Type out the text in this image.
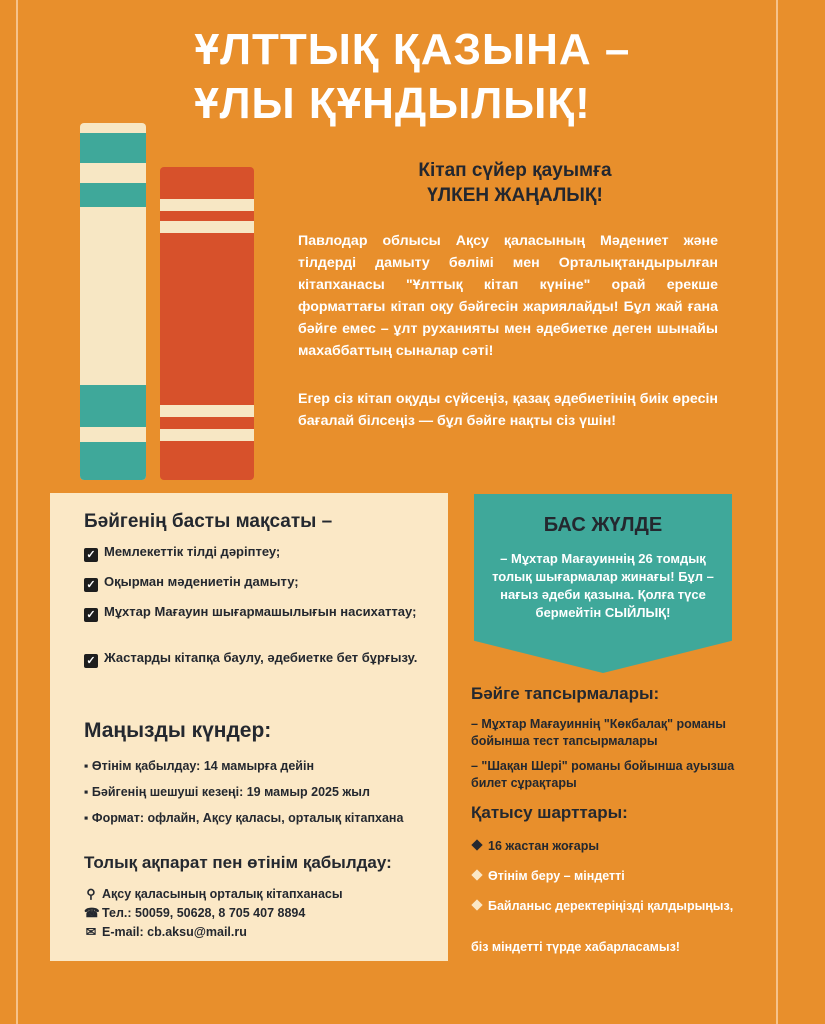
ҰЛТТЫҚ ҚАЗЫНА –
ҰЛЫ ҚҰНДЫЛЫҚ!
Кітап сүйер қауымға
ҮЛКЕН ЖАҢАЛЫҚ!
Павлодар облысы Ақсу қаласының Мәдениет және тілдерді дамыту бөлімі мен Орталықтандырылған кітапханасы "Ұлттық кітап күніне" орай ерекше форматтағы кітап оқу бәйгесін жариялайды! Бұл жай ғана бәйге емес – ұлт руханияты мен әдебиетке деген шынайы махаббаттың сыналар сәті!
Егер сіз кітап оқуды сүйсеңіз, қазақ әдебиетінің биік өресін бағалай білсеңіз — бұл бәйге нақты сіз үшін!
Бәйгенің басты мақсаты –
✓ Мемлекеттік тілді дәріптеу;
✓ Оқырман мәдениетін дамыту;
✓ Мұхтар Мағауин шығармашылығын насихаттау;
✓ Жастарды кітапқа баулу, әдебиетке бет бұрғызу.
Маңызды күндер:
▪ Өтінім қабылдау: 14 мамырға дейін
▪ Бәйгенің шешуші кезеңі: 19 мамыр 2025 жыл
▪ Формат: офлайн, Ақсу қаласы, орталық кітапхана
Толық ақпарат пен өтінім қабылдау:
⚲ Ақсу қаласының орталық кітапханасы
☎ Тел.: 50059, 50628, 8 705 407 8894
✉ E-mail: cb.aksu@mail.ru
БАС ЖҮЛДЕ
– Мұхтар Мағауиннің 26 томдық толық шығармалар жинағы! Бұл – нағыз әдеби қазына. Қолға түсе бермейтін СЫЙЛЫҚ!
Бәйге тапсырмалары:
– Мұхтар Мағауиннің "Көкбалақ" романы бойынша тест тапсырмалары
– "Шақан Шері" романы бойынша ауызша билет сұрақтары
Қатысу шарттары:
16 жастан жоғары
Өтінім беру – міндетті
Байланыс деректеріңізді қалдырыңыз,
біз міндетті түрде хабарласамыз!
